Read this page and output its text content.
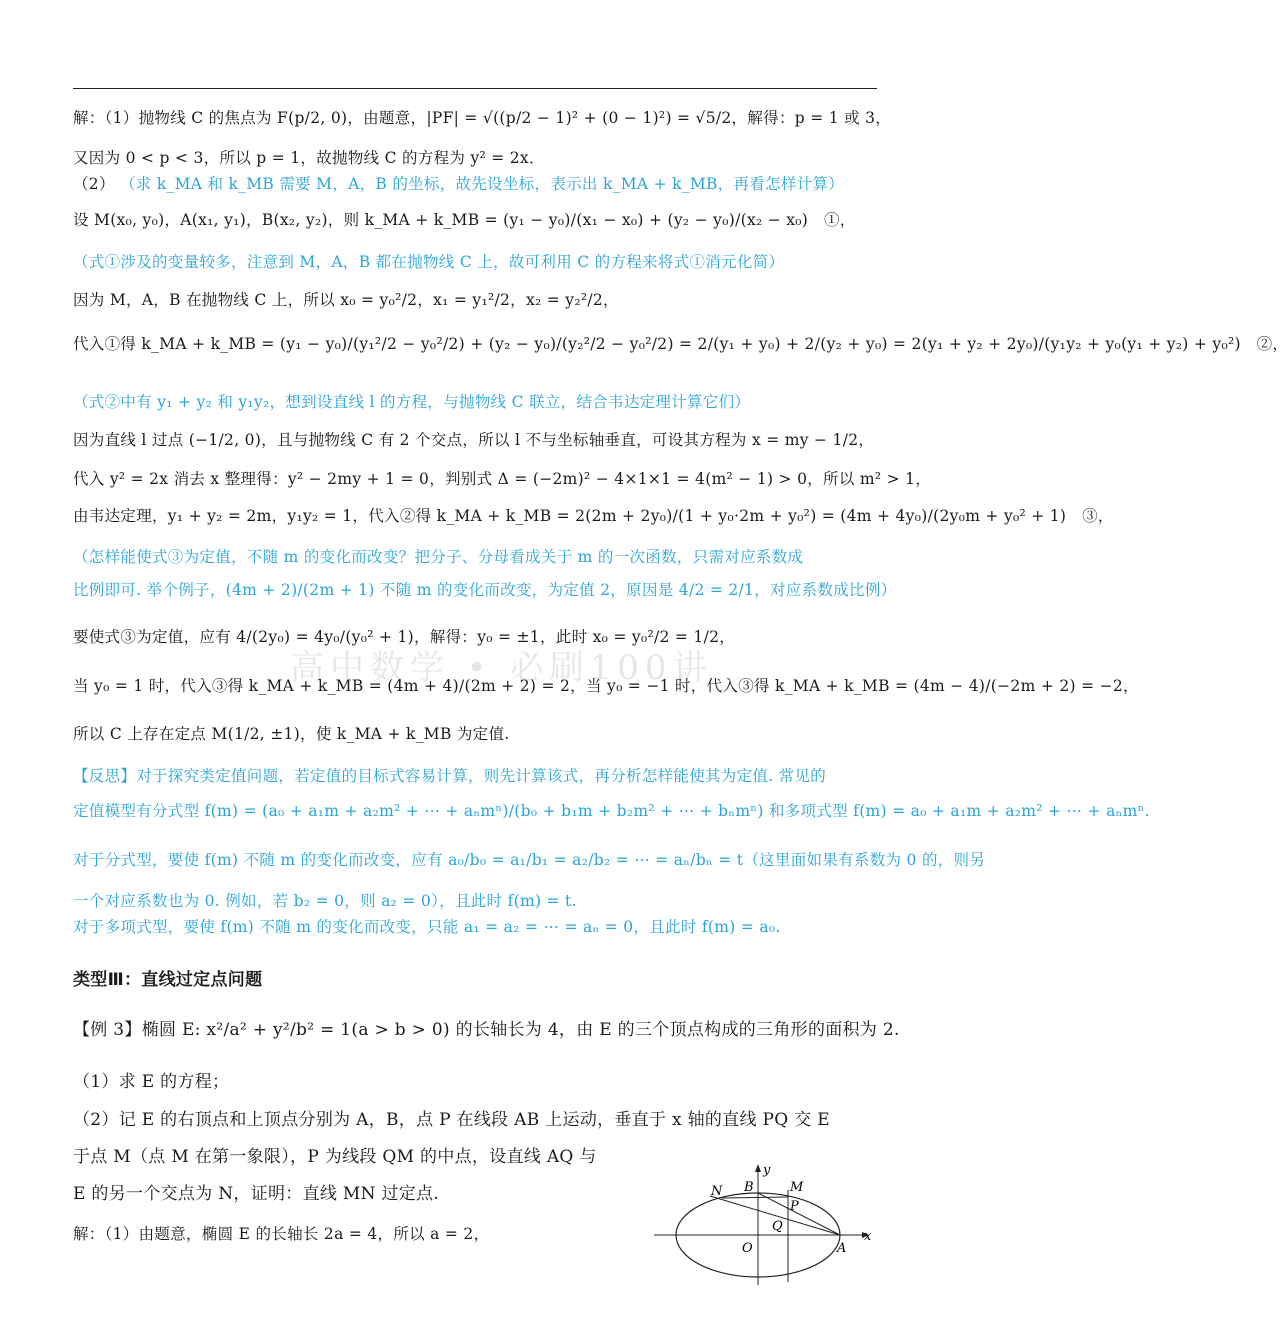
高中数学 • 必刷100讲
解：（1）抛物线 C 的焦点为 F(p/2, 0)，由题意，|PF| = √((p/2 − 1)² + (0 − 1)²) = √5/2，解得：p = 1 或 3，
又因为 0 < p < 3，所以 p = 1，故抛物线 C 的方程为 y² = 2x．
（2） （求 k_MA 和 k_MB 需要 M，A，B 的坐标，故先设坐标，表示出 k_MA + k_MB，再看怎样计算）
设 M(x₀, y₀)，A(x₁, y₁)，B(x₂, y₂)，则 k_MA + k_MB = (y₁ − y₀)/(x₁ − x₀) + (y₂ − y₀)/(x₂ − x₀)　①，
（式①涉及的变量较多，注意到 M，A，B 都在抛物线 C 上，故可利用 C 的方程来将式①消元化简）
因为 M，A，B 在抛物线 C 上，所以 x₀ = y₀²/2，x₁ = y₁²/2，x₂ = y₂²/2，
代入①得 k_MA + k_MB = (y₁ − y₀)/(y₁²/2 − y₀²/2) + (y₂ − y₀)/(y₂²/2 − y₀²/2) = 2/(y₁ + y₀) + 2/(y₂ + y₀) = 2(y₁ + y₂ + 2y₀)/(y₁y₂ + y₀(y₁ + y₂) + y₀²)　②，
（式②中有 y₁ + y₂ 和 y₁y₂，想到设直线 l 的方程，与抛物线 C 联立，结合韦达定理计算它们）
因为直线 l 过点 (−1/2, 0)，且与抛物线 C 有 2 个交点，所以 l 不与坐标轴垂直，可设其方程为 x = my − 1/2，
代入 y² = 2x 消去 x 整理得：y² − 2my + 1 = 0，判别式 Δ = (−2m)² − 4×1×1 = 4(m² − 1) > 0，所以 m² > 1，
由韦达定理，y₁ + y₂ = 2m，y₁y₂ = 1，代入②得 k_MA + k_MB = 2(2m + 2y₀)/(1 + y₀·2m + y₀²) = (4m + 4y₀)/(2y₀m + y₀² + 1)　③，
（怎样能使式③为定值，不随 m 的变化而改变？把分子、分母看成关于 m 的一次函数，只需对应系数成
比例即可. 举个例子，(4m + 2)/(2m + 1) 不随 m 的变化而改变，为定值 2，原因是 4/2 = 2/1，对应系数成比例）
要使式③为定值，应有 4/(2y₀) = 4y₀/(y₀² + 1)，解得：y₀ = ±1，此时 x₀ = y₀²/2 = 1/2，
当 y₀ = 1 时，代入③得 k_MA + k_MB = (4m + 4)/(2m + 2) = 2，当 y₀ = −1 时，代入③得 k_MA + k_MB = (4m − 4)/(−2m + 2) = −2，
所以 C 上存在定点 M(1/2, ±1)，使 k_MA + k_MB 为定值.
【反思】对于探究类定值问题，若定值的目标式容易计算，则先计算该式，再分析怎样能使其为定值. 常见的
定值模型有分式型 f(m) = (a₀ + a₁m + a₂m² + ⋯ + aₙmⁿ)/(b₀ + b₁m + b₂m² + ⋯ + bₙmⁿ) 和多项式型 f(m) = a₀ + a₁m + a₂m² + ⋯ + aₙmⁿ.
对于分式型，要使 f(m) 不随 m 的变化而改变，应有 a₀/b₀ = a₁/b₁ = a₂/b₂ = ⋯ = aₙ/bₙ = t（这里面如果有系数为 0 的，则另
一个对应系数也为 0. 例如，若 b₂ = 0，则 a₂ = 0），且此时 f(m) = t.
对于多项式型，要使 f(m) 不随 m 的变化而改变，只能 a₁ = a₂ = ⋯ = aₙ = 0，且此时 f(m) = a₀.
类型Ⅲ：直线过定点问题
【例 3】椭圆 E: x²/a² + y²/b² = 1(a > b > 0) 的长轴长为 4，由 E 的三个顶点构成的三角形的面积为 2.
（1）求 E 的方程；
（2）记 E 的右顶点和上顶点分别为 A，B，点 P 在线段 AB 上运动，垂直于 x 轴的直线 PQ 交 E
于点 M（点 M 在第一象限），P 为线段 QM 的中点，设直线 AQ 与
E 的另一个交点为 N，证明：直线 MN 过定点.
解：（1）由题意，椭圆 E 的长轴长 2a = 4，所以 a = 2，
y
x
O	A
B
N	M
P
Q
